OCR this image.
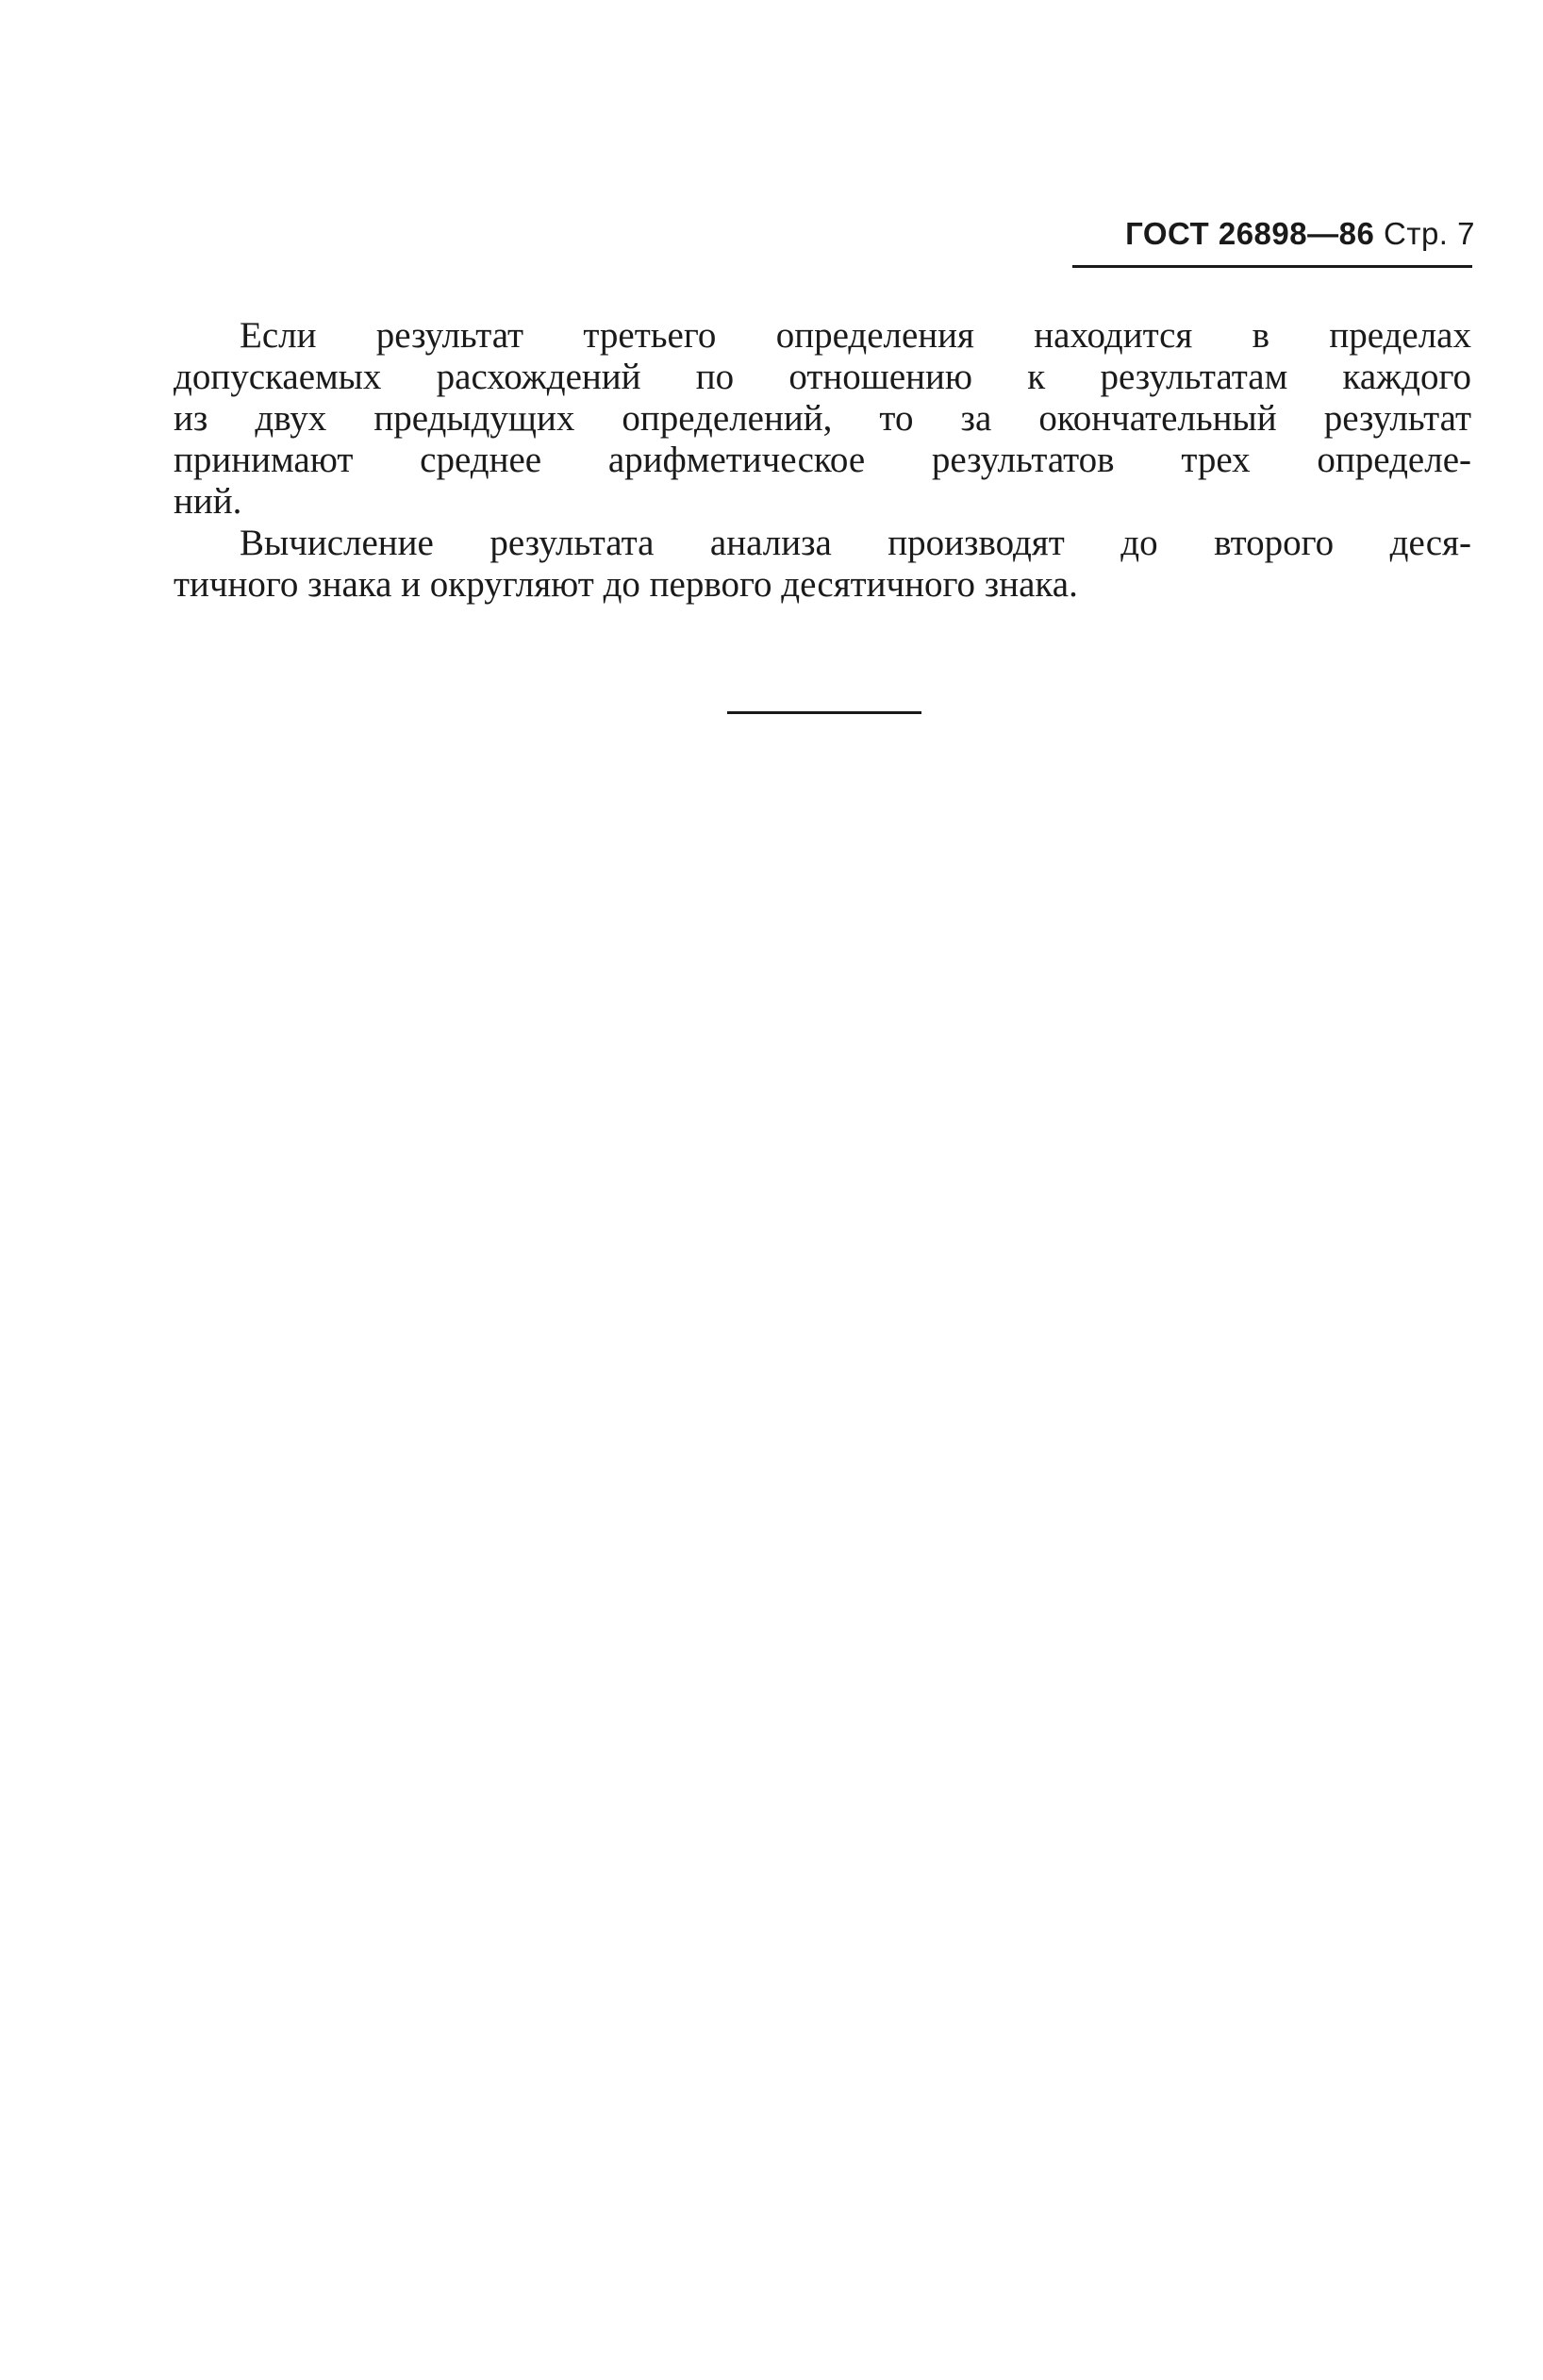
ГОСТ 26898—86 Стр. 7

Если результат третьего определения находится в пределах
допускаемых расхождений по отношению к результатам каждого
из двух предыдущих определений, то за окончательный результат
принимают среднее арифметическое результатов трех определе-
ний.

Вычисление результата анализа производят до второго деся-
тичного знака и округляют до первого десятичного знака.
